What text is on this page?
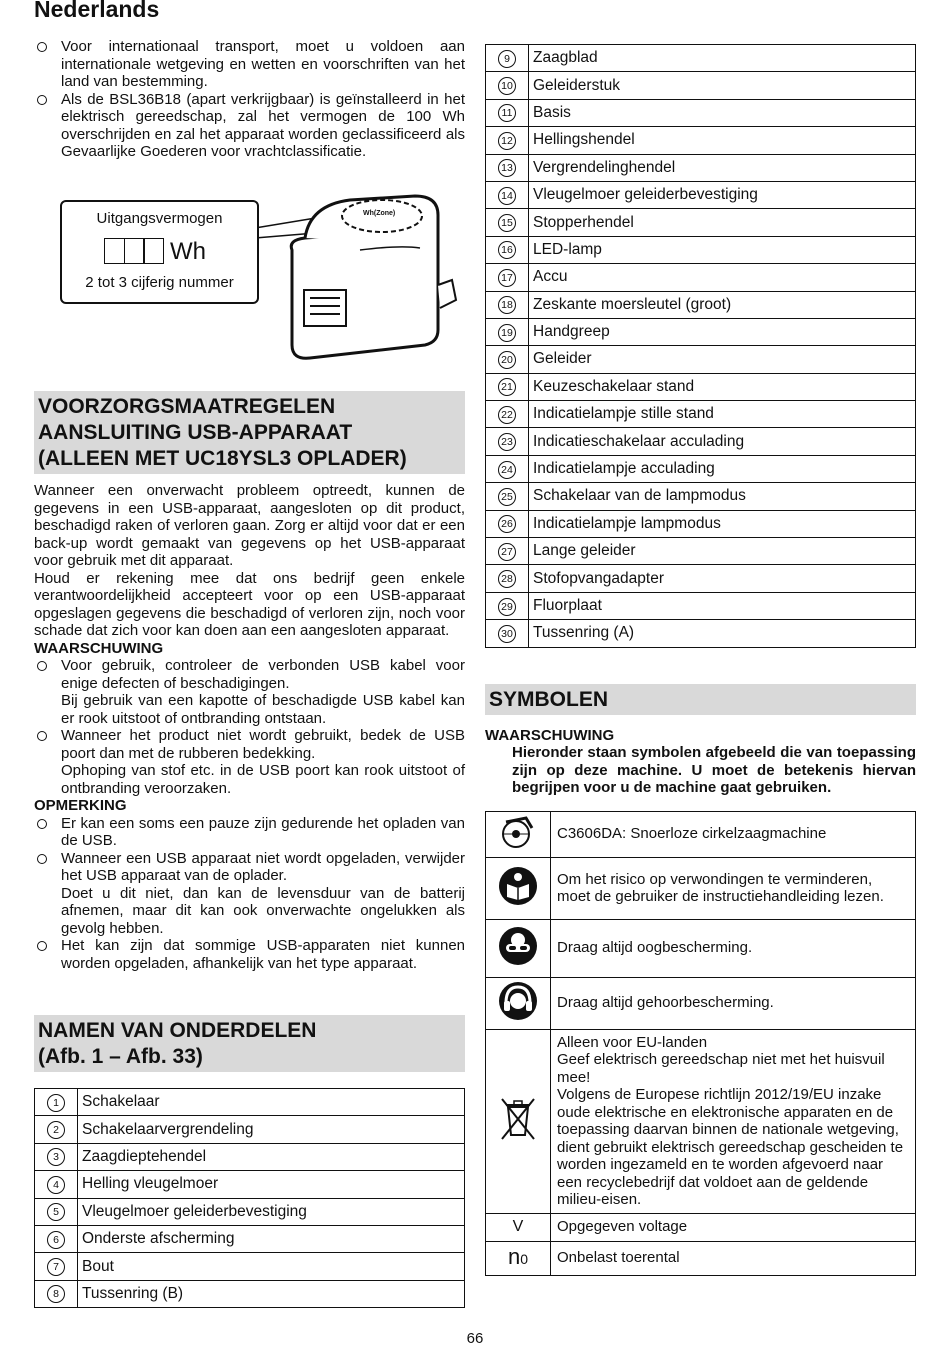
Nederlands
Voor internationaal transport, moet u voldoen aan internationale wetgeving en wetten en voorschriften van het land van bestemming.
Als de BSL36B18 (apart verkrijgbaar) is geïnstalleerd in het elektrisch gereedschap, zal het vermogen de 100 Wh overschrijden en zal het apparaat worden geclassificeerd als Gevaarlijke Goederen voor vrachtclassificatie.
Wh(Zone)
Uitgangsvermogen
Wh
2 tot 3 cijferig nummer
VOORZORGSMAATREGELEN
AANSLUITING USB-APPARAAT
(ALLEEN MET UC18YSL3 OPLADER)
Wanneer een onverwacht probleem optreedt, kunnen de gegevens in een USB-apparaat, aangesloten op dit product, beschadigd raken of verloren gaan. Zorg er altijd voor dat er een back-up wordt gemaakt van gegevens op het USB-apparaat voor gebruik met dit apparaat.
Houd er rekening mee dat ons bedrijf geen enkele verantwoordelijkheid accepteert voor op een USB-apparaat opgeslagen gegevens die beschadigd of verloren zijn, noch voor schade dat zich voor kan doen aan een aangesloten apparaat.
WAARSCHUWING
Voor gebruik, controleer de verbonden USB kabel voor enige defecten of beschadigingen.
Bij gebruik van een kapotte of beschadigde USB kabel kan er rook uitstoot of ontbranding ontstaan.
Wanneer het product niet wordt gebruikt, bedek de USB poort dan met de rubberen bedekking.
Ophoping van stof etc. in de USB poort kan rook uitstoot of ontbranding veroorzaken.
OPMERKING
Er kan een soms een pauze zijn gedurende het opladen van de USB.
Wanneer een USB apparaat niet wordt opgeladen, verwijder het USB apparaat van de oplader.
Doet u dit niet, dan kan de levensduur van de batterij afnemen, maar dit kan ook onverwachte ongelukken als gevolg hebben.
Het kan zijn dat sommige USB-apparaten niet kunnen worden opgeladen, afhankelijk van het type apparaat.
NAMEN VAN ONDERDELEN
(Afb. 1 – Afb. 33)
1	Schakelaar
2	Schakelaarvergrendeling
3	Zaagdieptehendel
4	Helling vleugelmoer
5	Vleugelmoer geleiderbevestiging
6	Onderste afscherming
7	Bout
8	Tussenring (B)
9	Zaagblad
10	Geleiderstuk
11	Basis
12	Hellingshendel
13	Vergrendelinghendel
14	Vleugelmoer geleiderbevestiging
15	Stopperhendel
16	LED-lamp
17	Accu
18	Zeskante moersleutel (groot)
19	Handgreep
20	Geleider
21	Keuzeschakelaar stand
22	Indicatielampje stille stand
23	Indicatieschakelaar acculading
24	Indicatielampje acculading
25	Schakelaar van de lampmodus
26	Indicatielampje lampmodus
27	Lange geleider
28	Stofopvangadapter
29	Fluorplaat
30	Tussenring (A)
SYMBOLEN
WAARSCHUWING
Hieronder staan symbolen afgebeeld die van toepassing zijn op deze machine. U moet de betekenis hiervan begrijpen voor u de machine gaat gebruiken.
	C3606DA: Snoerloze cirkelzaagmachine
	Om het risico op verwondingen te verminderen, moet de gebruiker de instructiehandleiding lezen.
	Draag altijd oogbescherming.
	Draag altijd gehoorbescherming.

Alleen voor EU-landen
Geef elektrisch gereedschap niet met het huisvuil mee!
Volgens de Europese richtlijn 2012/19/EU inzake oude elektrische en elektronische apparaten en de toepassing daarvan binnen de nationale wetgeving, dient gebruikt elektrisch gereedschap gescheiden te worden ingezameld en te worden afgevoerd naar een recyclebedrijf dat voldoet aan de geldende milieu-eisen.

V	Opgegeven voltage
n0	Onbelast toerental
66
